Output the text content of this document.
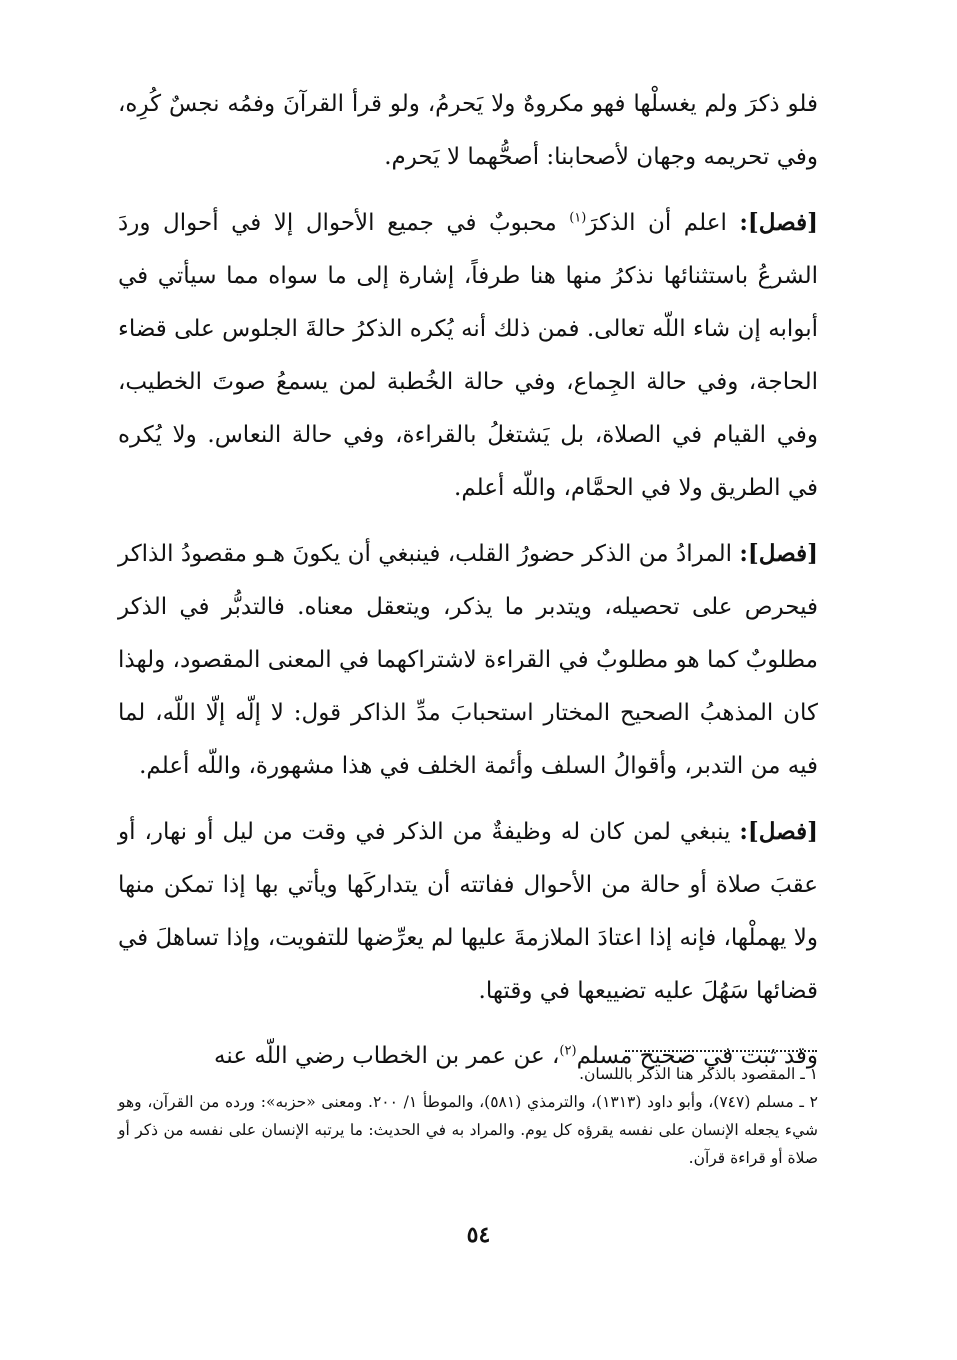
فلو ذكرَ ولم يغسلْها فهو مكروهٌ ولا يَحرمُ، ولو قرأ القرآنَ وفمُه نجسٌ كُرِه، وفي تحريمه وجهان لأصحابنا: أصحُّهما لا يَحرم.

[فصل]: اعلم أن الذكرَ$^{(١)}$ محبوبٌ في جميع الأحوال إلا في أحوال وردَ الشرعُ باستثنائها نذكرُ منها هنا طرفاً، إشارة إلى ما سواه مما سيأتي في أبوابه إن شاء اللّه تعالى. فمن ذلك أنه يُكره الذكرُ حالةَ الجلوس على قضاء الحاجة، وفي حالة الجِماع، وفي حالة الخُطبة لمن يسمعُ صوتَ الخطيب، وفي القيام في الصلاة، بل يَشتغلُ بالقراءة، وفي حالة النعاس. ولا يُكره في الطريق ولا في الحمَّام، واللّه أعلم.

[فصل]: المرادُ من الذكر حضورُ القلب، فينبغي أن يكونَ هـو مقصودُ الذاكر فيحرص على تحصيله، ويتدبر ما يذكر، ويتعقل معناه. فالتدبُّر في الذكر مطلوبٌ كما هو مطلوبٌ في القراءة لاشتراكهما في المعنى المقصود، ولهذا كان المذهبُ الصحيح المختار استحبابَ مدِّ الذاكر قول: لا إلّه إلّا اللّه، لما فيه من التدبر، وأقوالُ السلف وأئمة الخلف في هذا مشهورة، واللّه أعلم.

[فصل]: ينبغي لمن كان له وظيفةٌ من الذكر في وقت من ليل أو نهار، أو عقبَ صلاة أو حالة من الأحوال ففاتته أن يتداركَها ويأتي بها إذا تمكن منها ولا يهملْها، فإنه إذا اعتادَ الملازمةَ عليها لم يعرِّضها للتفويت، وإذا تساهلَ في قضائها سَهُلَ عليه تضييعها في وقتها.

وقد ثبت في صحيح مسلم$^{(٢)}$، عن عمر بن الخطاب رضي اللّه عنه

١ ـ المقصود بالذكر هنا الذكر باللسان.

٢ ـ مسلم (٧٤٧)، وأبو داود (١٣١٣)، والترمذي (٥٨١)، والموطأ ١/ ٢٠٠. ومعنى «حزبه»: ورده من القرآن، وهو شيء يجعله الإنسان على نفسه يقرؤه كل يوم. والمراد به في الحديث: ما يرتبه الإنسان على نفسه من ذكر أو صلاة أو قراءة قرآن.

٥٤
